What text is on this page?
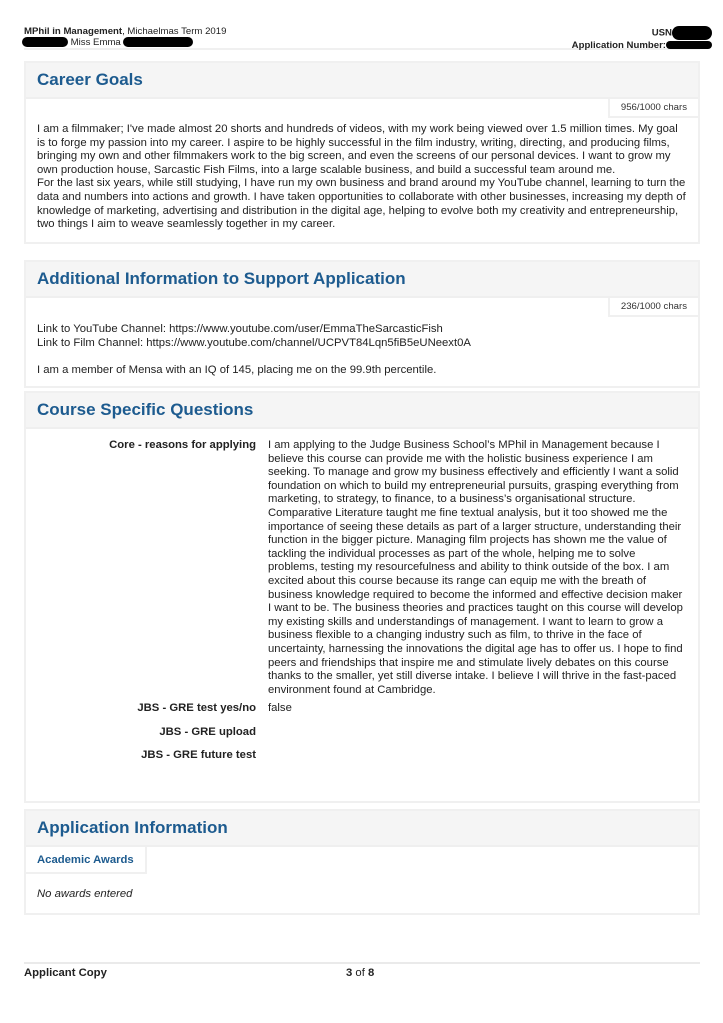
MPhil in Management, Michaelmas Term 2019
Miss Emma
USN
Application Number:
Career Goals
956/1000 chars

I am a filmmaker; I've made almost 20 shorts and hundreds of videos, with my work being viewed over 1.5 million times. My goal is to forge my passion into my career. I aspire to be highly successful in the film industry, writing, directing, and producing films, bringing my own and other filmmakers work to the big screen, and even the screens of our personal devices. I want to grow my own production house, Sarcastic Fish Films, into a large scalable business, and build a successful team around me.

For the last six years, while still studying, I have run my own business and brand around my YouTube channel, learning to turn the data and numbers into actions and growth. I have taken opportunities to collaborate with other businesses, increasing my depth of knowledge of marketing, advertising and distribution in the digital age, helping to evolve both my creativity and entrepreneurship, two things I aim to weave seamlessly together in my career.

Additional Information to Support Application
236/1000 chars

Link to YouTube Channel: https://www.youtube.com/user/EmmaTheSarcasticFish

Link to Film Channel: https://www.youtube.com/channel/UCPVT84Lqn5fiB5eUNeext0A

I am a member of Mensa with an IQ of 145, placing me on the 99.9th percentile.

Course Specific Questions
Core - reasons for applying	I am applying to the Judge Business School’s MPhil in Management because I believe this course can provide me with the holistic business experience I am seeking. To manage and grow my business effectively and efficiently I want a solid foundation on which to build my entrepreneurial pursuits, grasping everything from marketing, to strategy, to finance, to a business’s organisational structure. Comparative Literature taught me fine textual analysis, but it too showed me the importance of seeing these details as part of a larger structure, understanding their function in the bigger picture. Managing film projects has shown me the value of tackling the individual processes as part of the whole, helping me to solve problems, testing my resourcefulness and ability to think outside of the box. I am excited about this course because its range can equip me with the breath of business knowledge required to become the informed and effective decision maker I want to be. The business theories and practices taught on this course will develop my existing skills and understandings of management. I want to learn to grow a business flexible to a changing industry such as film, to thrive in the face of uncertainty, harnessing the innovations the digital age has to offer us. I hope to find peers and friendships that inspire me and stimulate lively debates on this course thanks to the smaller, yet still diverse intake. I believe I will thrive in the fast-paced environment found at Cambridge.
JBS - GRE test yes/no	false
JBS - GRE upload
JBS - GRE future test
Application Information
Academic Awards
No awards entered
Applicant Copy	3 of 8
